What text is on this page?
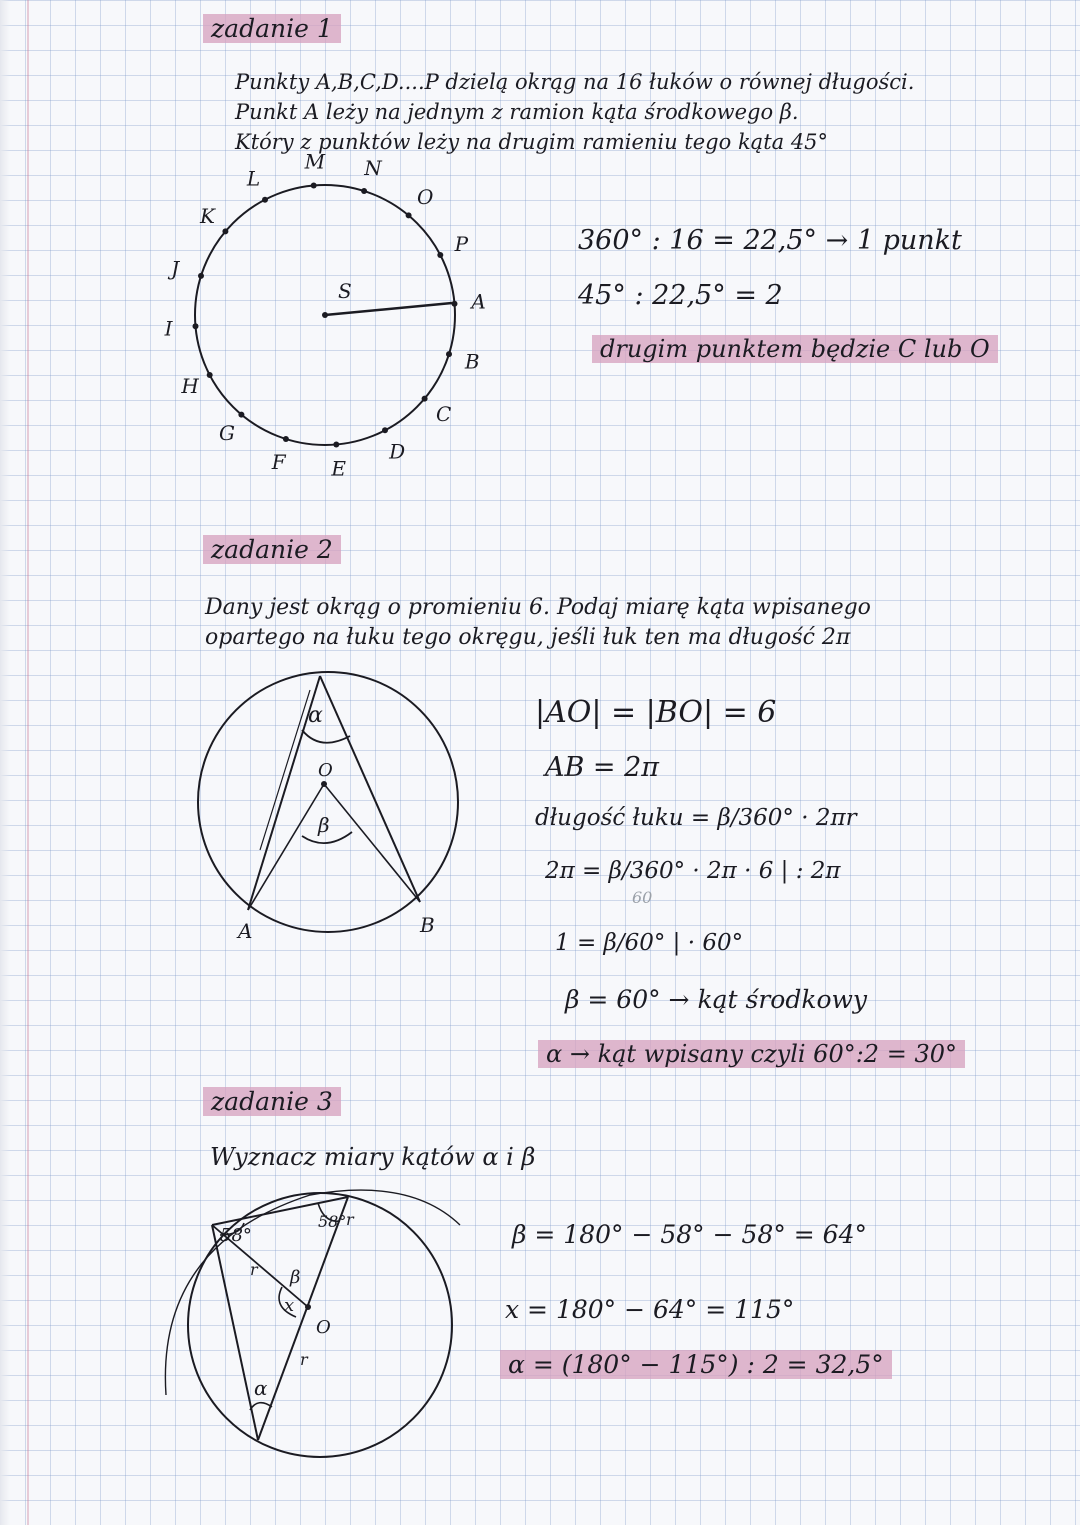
zadanie 1
Punkty A,B,C,D....P dzielą okrąg na 16 łuków o równej długości.
Punkt A leży na jednym z ramion kąta środkowego β.
Który z punktów leży na drugim ramieniu tego kąta 45°
S	A
B
C
D
E
F
G
H
I
J
K
L
M N
O
P	360° : 16 = 22,5° → 1 punkt
45° : 22,5° = 2
drugim punktem będzie C lub O
zadanie 2
Dany jest okrąg o promieniu 6. Podaj miarę kąta wpisanego
opartego na łuku tego okręgu, jeśli łuk ten ma długość 2π
α
O
β
A	B
|AO| = |BO| = 6
AB = 2π
długość łuku = β/360° · 2πr
2π = β/360° · 2π · 6 | : 2π
60
1 = β/60° | · 60°
β = 60° → kąt środkowy
α → kąt wpisany czyli 60°:2 = 30°
zadanie 3
Wyznacz miary kątów α i β
58°
58°
β
x
O
r
r
r
α
β = 180° − 58° − 58° = 64°
x = 180° − 64° = 115°
α = (180° − 115°) : 2 = 32,5°
